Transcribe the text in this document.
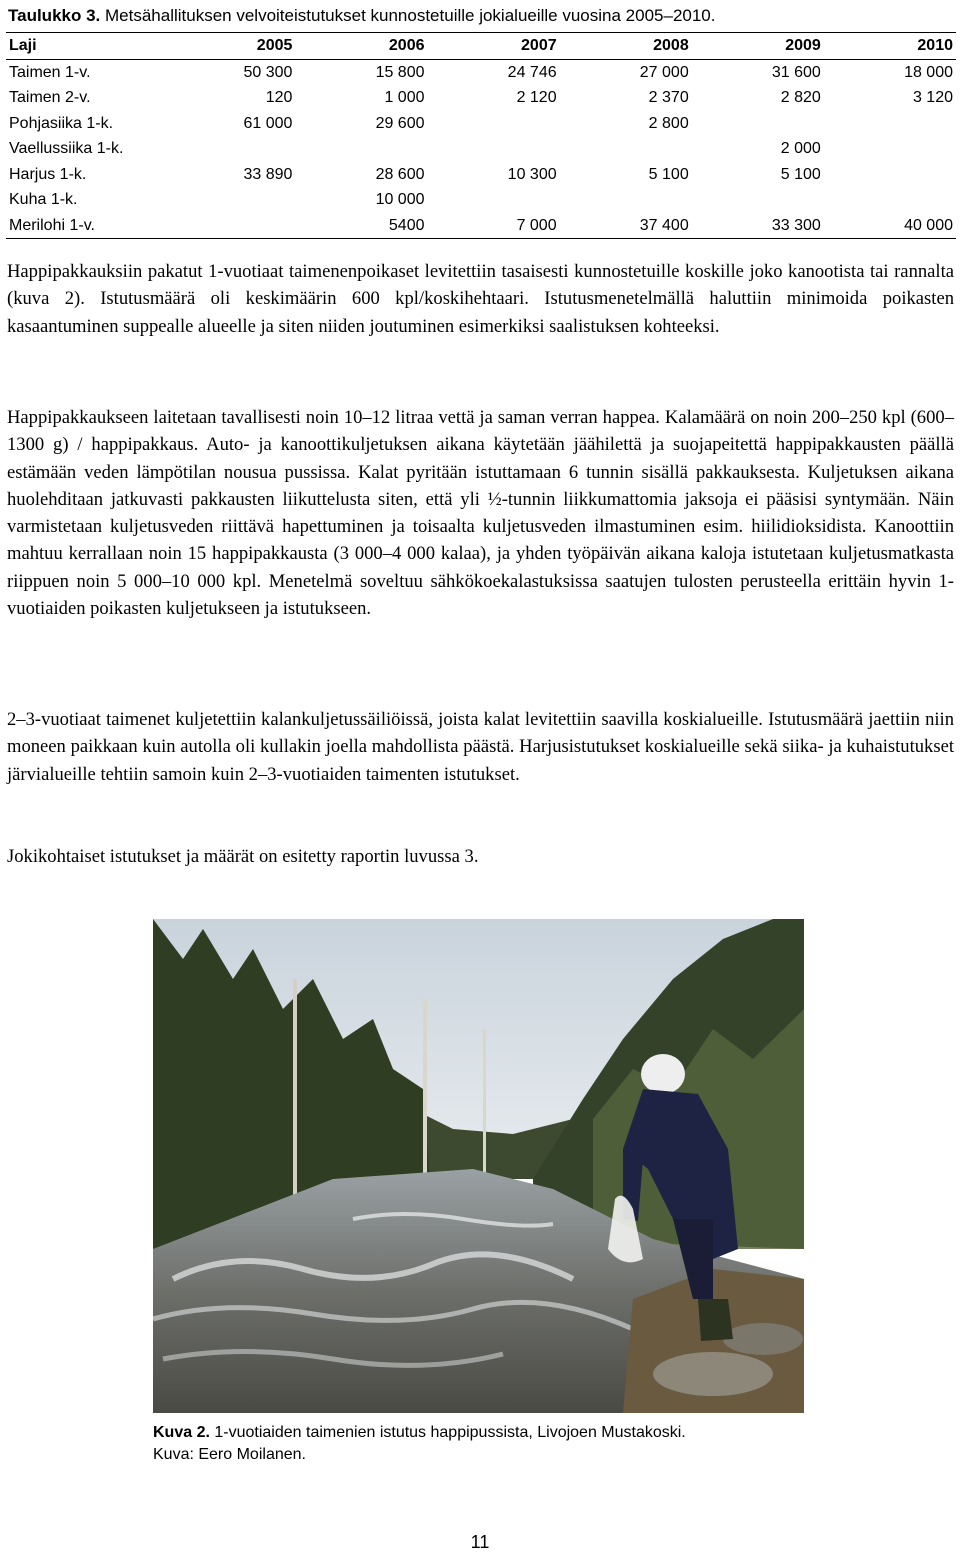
Taulukko 3. Metsähallituksen velvoiteistutukset kunnostetuille jokialueille vuosina 2005–2010.
Laji	2005	2006	2007	2008	2009	2010
Taimen 1-v.	50 300	15 800	24 746	27 000	31 600	18 000
Taimen 2-v.	120	1 000	2 120	2 370	2 820	3 120
Pohjasiika 1-k.	61 000	29 600		2 800		
Vaellussiika 1-k.					2 000	
Harjus 1-k.	33 890	28 600	10 300	5 100	5 100	
Kuha 1-k.		10 000				
Merilohi 1-v.		5400	7 000	37 400	33 300	40 000

Happipakkauksiin pakatut 1-vuotiaat taimenenpoikaset levitettiin tasaisesti kunnostetuille koskille joko kanootista tai rannalta (kuva 2). Istutusmäärä oli keskimäärin 600 kpl/koskihehtaari. Istutusmenetelmällä haluttiin minimoida poikasten kasaantuminen suppealle alueelle ja siten niiden joutuminen esimerkiksi saalistuksen kohteeksi.

Happipakkaukseen laitetaan tavallisesti noin 10–12 litraa vettä ja saman verran happea. Kalamäärä on noin 200–250 kpl (600–1300 g) / happipakkaus. Auto- ja kanoottikuljetuksen aikana käytetään jäähilettä ja suojapeitettä happipakkausten päällä estämään veden lämpötilan nousua pussissa. Kalat pyritään istuttamaan 6 tunnin sisällä pakkauksesta. Kuljetuksen aikana huolehditaan jatkuvasti pakkausten liikuttelusta siten, että yli ½-tunnin liikkumattomia jaksoja ei pääsisi syntymään. Näin varmistetaan kuljetusveden riittävä hapettuminen ja toisaalta kuljetusveden ilmastuminen esim. hiilidioksidista. Kanoottiin mahtuu kerrallaan noin 15 happipakkausta (3 000–4 000 kalaa), ja yhden työpäivän aikana kaloja istutetaan kuljetusmatkasta riippuen noin 5 000–10 000 kpl. Menetelmä soveltuu sähkökoekalastuksissa saatujen tulosten perusteella erittäin hyvin 1-vuotiaiden poikasten kuljetukseen ja istutukseen.

2–3-vuotiaat taimenet kuljetettiin kalankuljetussäiliöissä, joista kalat levitettiin saavilla koskialueille. Istutusmäärä jaettiin niin moneen paikkaan kuin autolla oli kullakin joella mahdollista päästä. Harjusistutukset koskialueille sekä siika- ja kuhaistutukset järvialueille tehtiin samoin kuin 2–3-vuotiaiden taimenten istutukset.

Jokikohtaiset istutukset ja määrät on esitetty raportin luvussa 3.

Kuva 2. 1-vuotiaiden taimenien istutus happipussista, Livojoen Mustakoski.
Kuva: Eero Moilanen.
11
